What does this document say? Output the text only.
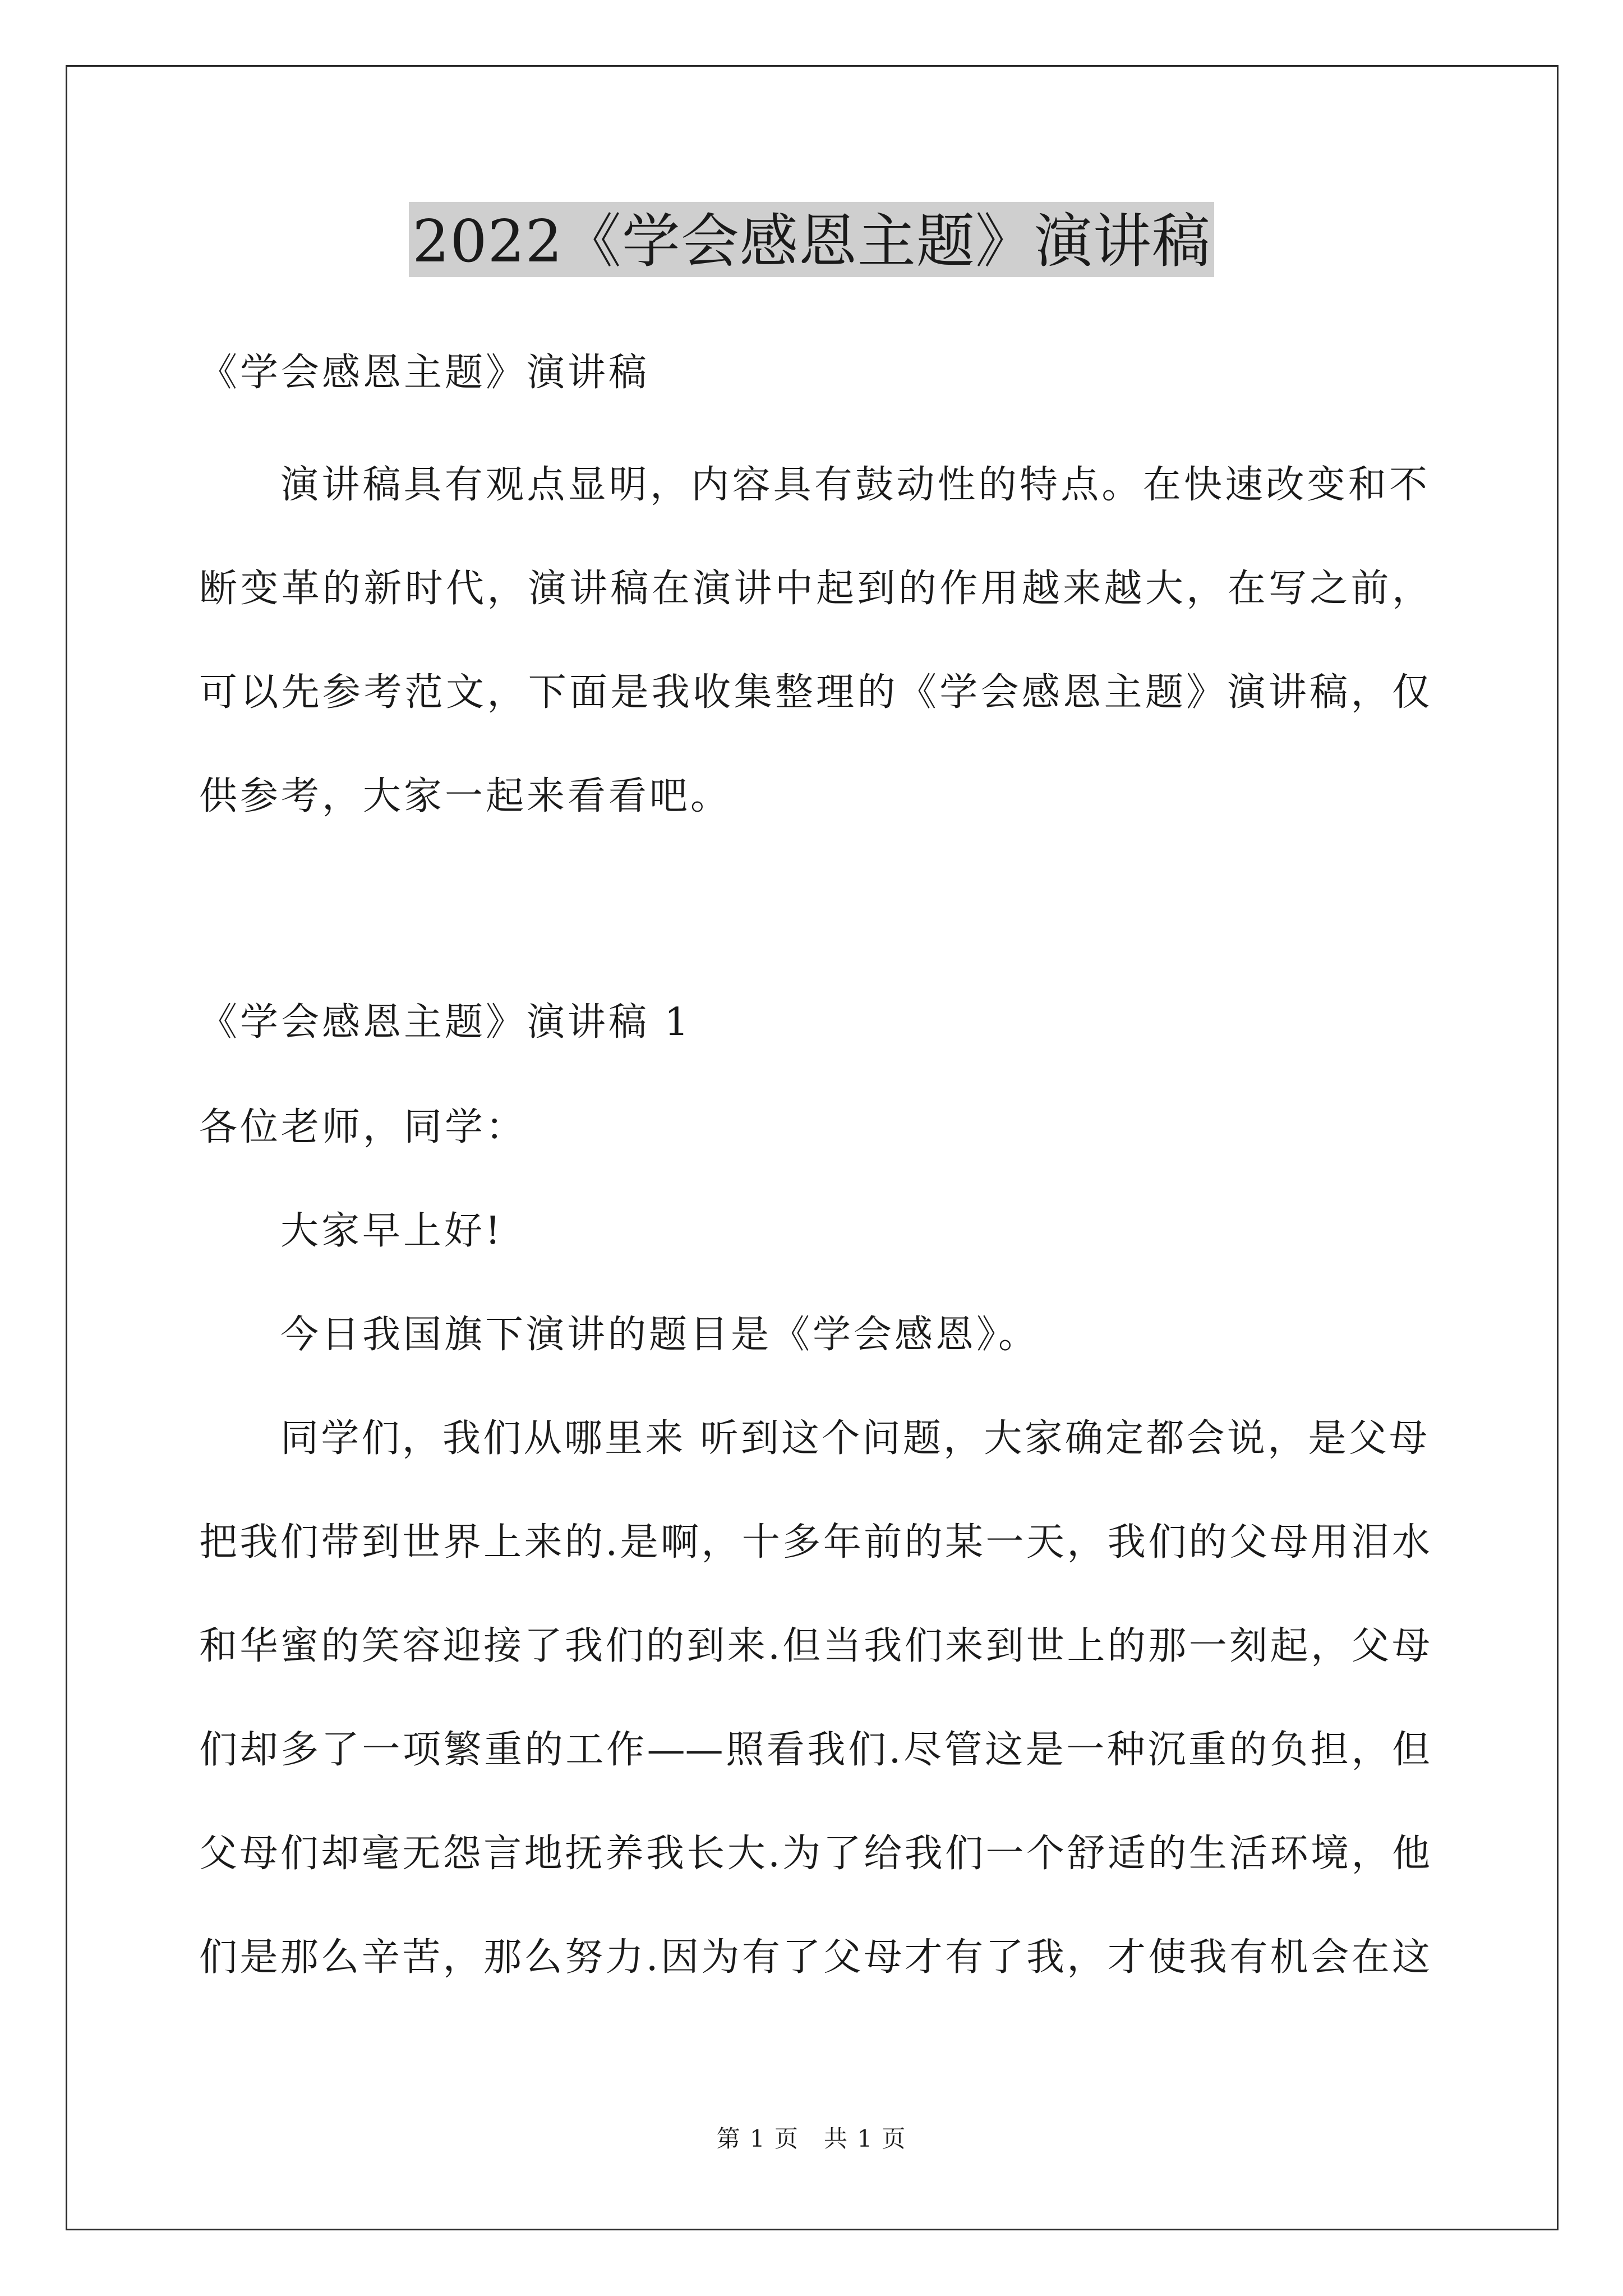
2022《学会感恩主题》演讲稿
《学会感恩主题》演讲稿
演讲稿具有观点显明，内容具有鼓动性的特点。在快速改变和不
断变革的新时代，演讲稿在演讲中起到的作用越来越大，在写之前，
可以先参考范文，下面是我收集整理的《学会感恩主题》演讲稿，仅
供参考，大家一起来看看吧。
《学会感恩主题》演讲稿 1
各位老师，同学：
大家早上好!
今日我国旗下演讲的题目是《学会感恩》。
同学们，我们从哪里来 听到这个问题，大家确定都会说，是父母
把我们带到世界上来的.是啊，十多年前的某一天，我们的父母用泪水
和华蜜的笑容迎接了我们的到来.但当我们来到世上的那一刻起，父母
们却多了一项繁重的工作——照看我们.尽管这是一种沉重的负担，但
父母们却毫无怨言地抚养我长大.为了给我们一个舒适的生活环境，他
们是那么辛苦，那么努力.因为有了父母才有了我，才使我有机会在这
第 1 页　共 1 页
